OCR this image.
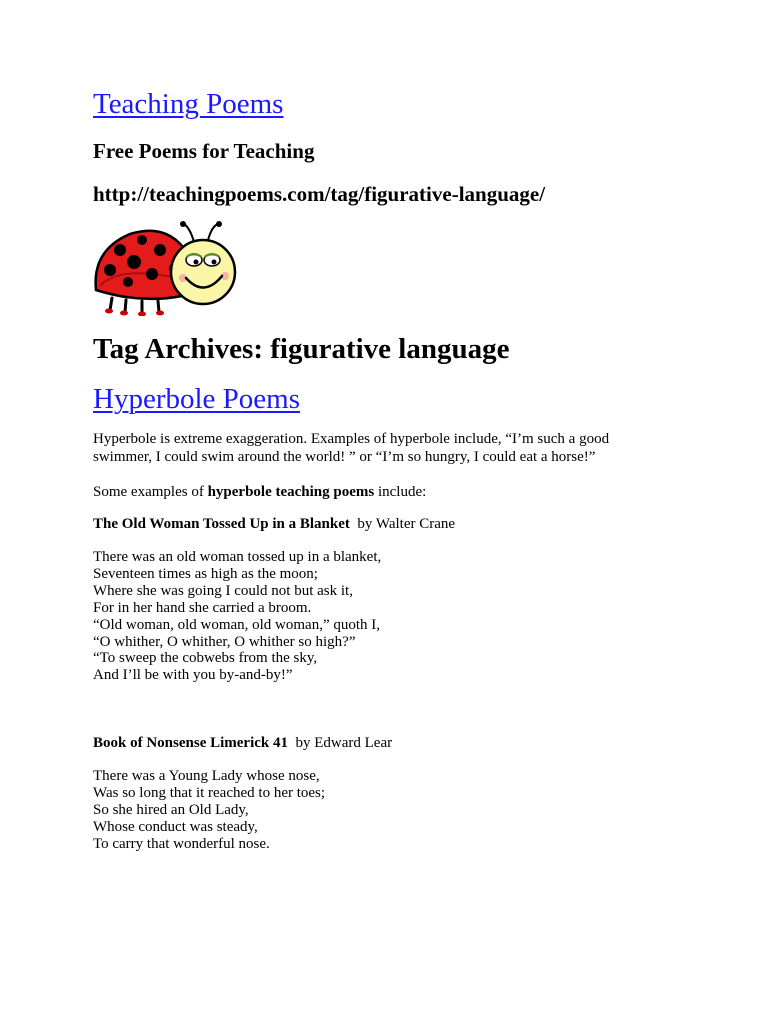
Teaching Poems
Free Poems for Teaching
http://teachingpoems.com/tag/figurative-language/
Tag Archives: figurative language
Hyperbole Poems
Hyperbole is extreme exaggeration. Examples of hyperbole include, “I’m such a good
swimmer, I could swim around the world! ” or “I’m so hungry, I could eat a horse!”
Some examples of hyperbole teaching poems include:
The Old Woman Tossed Up in a Blanket  by Walter Crane
There was an old woman tossed up in a blanket,
Seventeen times as high as the moon;
Where she was going I could not but ask it,
For in her hand she carried a broom.
“Old woman, old woman, old woman,” quoth I,
“O whither, O whither, O whither so high?”
“To sweep the cobwebs from the sky,
And I’ll be with you by-and-by!”
Book of Nonsense Limerick 41  by Edward Lear
There was a Young Lady whose nose,
Was so long that it reached to her toes;
So she hired an Old Lady,
Whose conduct was steady,
To carry that wonderful nose.
